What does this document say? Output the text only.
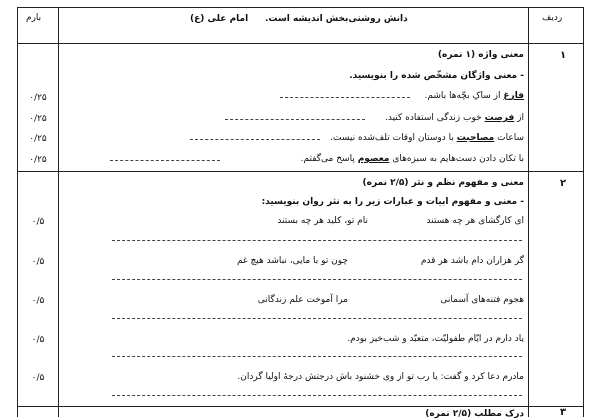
بارم	ردیف
دانش روشنی‌بخش اندیشه است.
امام علی (ع)
۱
معنی واژه (۱ نمره)
- معنی واژگان مشخّص شده را بنویسید.
فارغ از ساکِ بچّه‌ها باشم.
۰/۲۵
از فرصت خوب زندگی استفاده کنید.
۰/۲۵
ساعات مصاحبت با دوستان اوقات تلف‌شده نیست.
۰/۲۵
با تکان دادن دست‌هایم به سبزه‌های معصوم پاسخ می‌گفتم.
۰/۲۵
۲
معنی و مفهوم نظم و نثر (۲/۵ نمره)
- معنی و مفهوم ابیات و عبارات زیر را به نثر روان بنویسید:
ای کارگشای هر چه هستند
نام تو، کلید هر چه بستند
۰/۵
گر هزاران دام باشد هر قدم
چون تو با مایی، نباشد هیچ غم
۰/۵
هجوم فتنه‌های آسمانی
مرا آموخت علم زندگانی
۰/۵
یاد دارم در ایّام طفولیّت، متعبّد و شب‌خیز بودم.
۰/۵
مادرم دعا کرد و گفت: یا رب تو از وی خشنود باش درجتش درجهٔ اولیا گردان.
۰/۵
۳
درک مطلب (۲/۵ نمره)
